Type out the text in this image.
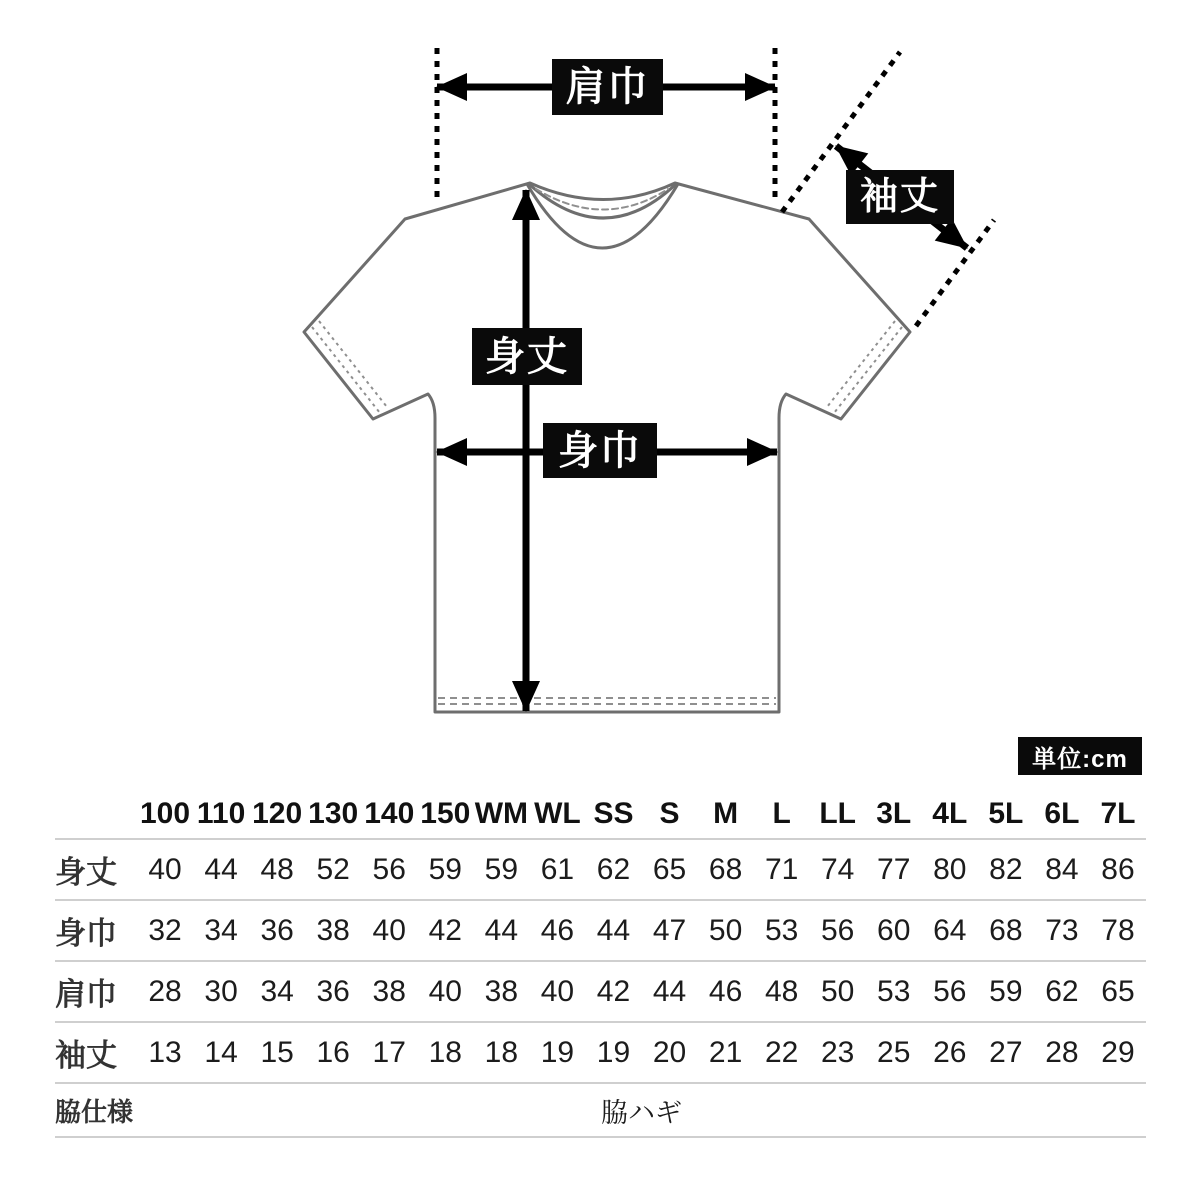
肩巾
袖丈
身丈
身巾
単位:cm
100 110 120 130 140 150 WM WL SS S	M	L LL 3L 4L 5L 6L 7L
身丈	40 44 48 52 56 59 59 61 62 65 68 71 74 77 80 82 84 86
身巾	32 34 36 38 40 42 44 46 44 47 50 53 56 60 64 68 73 78
肩巾	28 30 34 36 38 40 38 40 42 44 46 48 50 53 56 59 62 65
袖丈	13 14 15 16 17 18 18 19 19 20 21 22 23 25 26 27 28 29
脇仕様	脇ハギ
